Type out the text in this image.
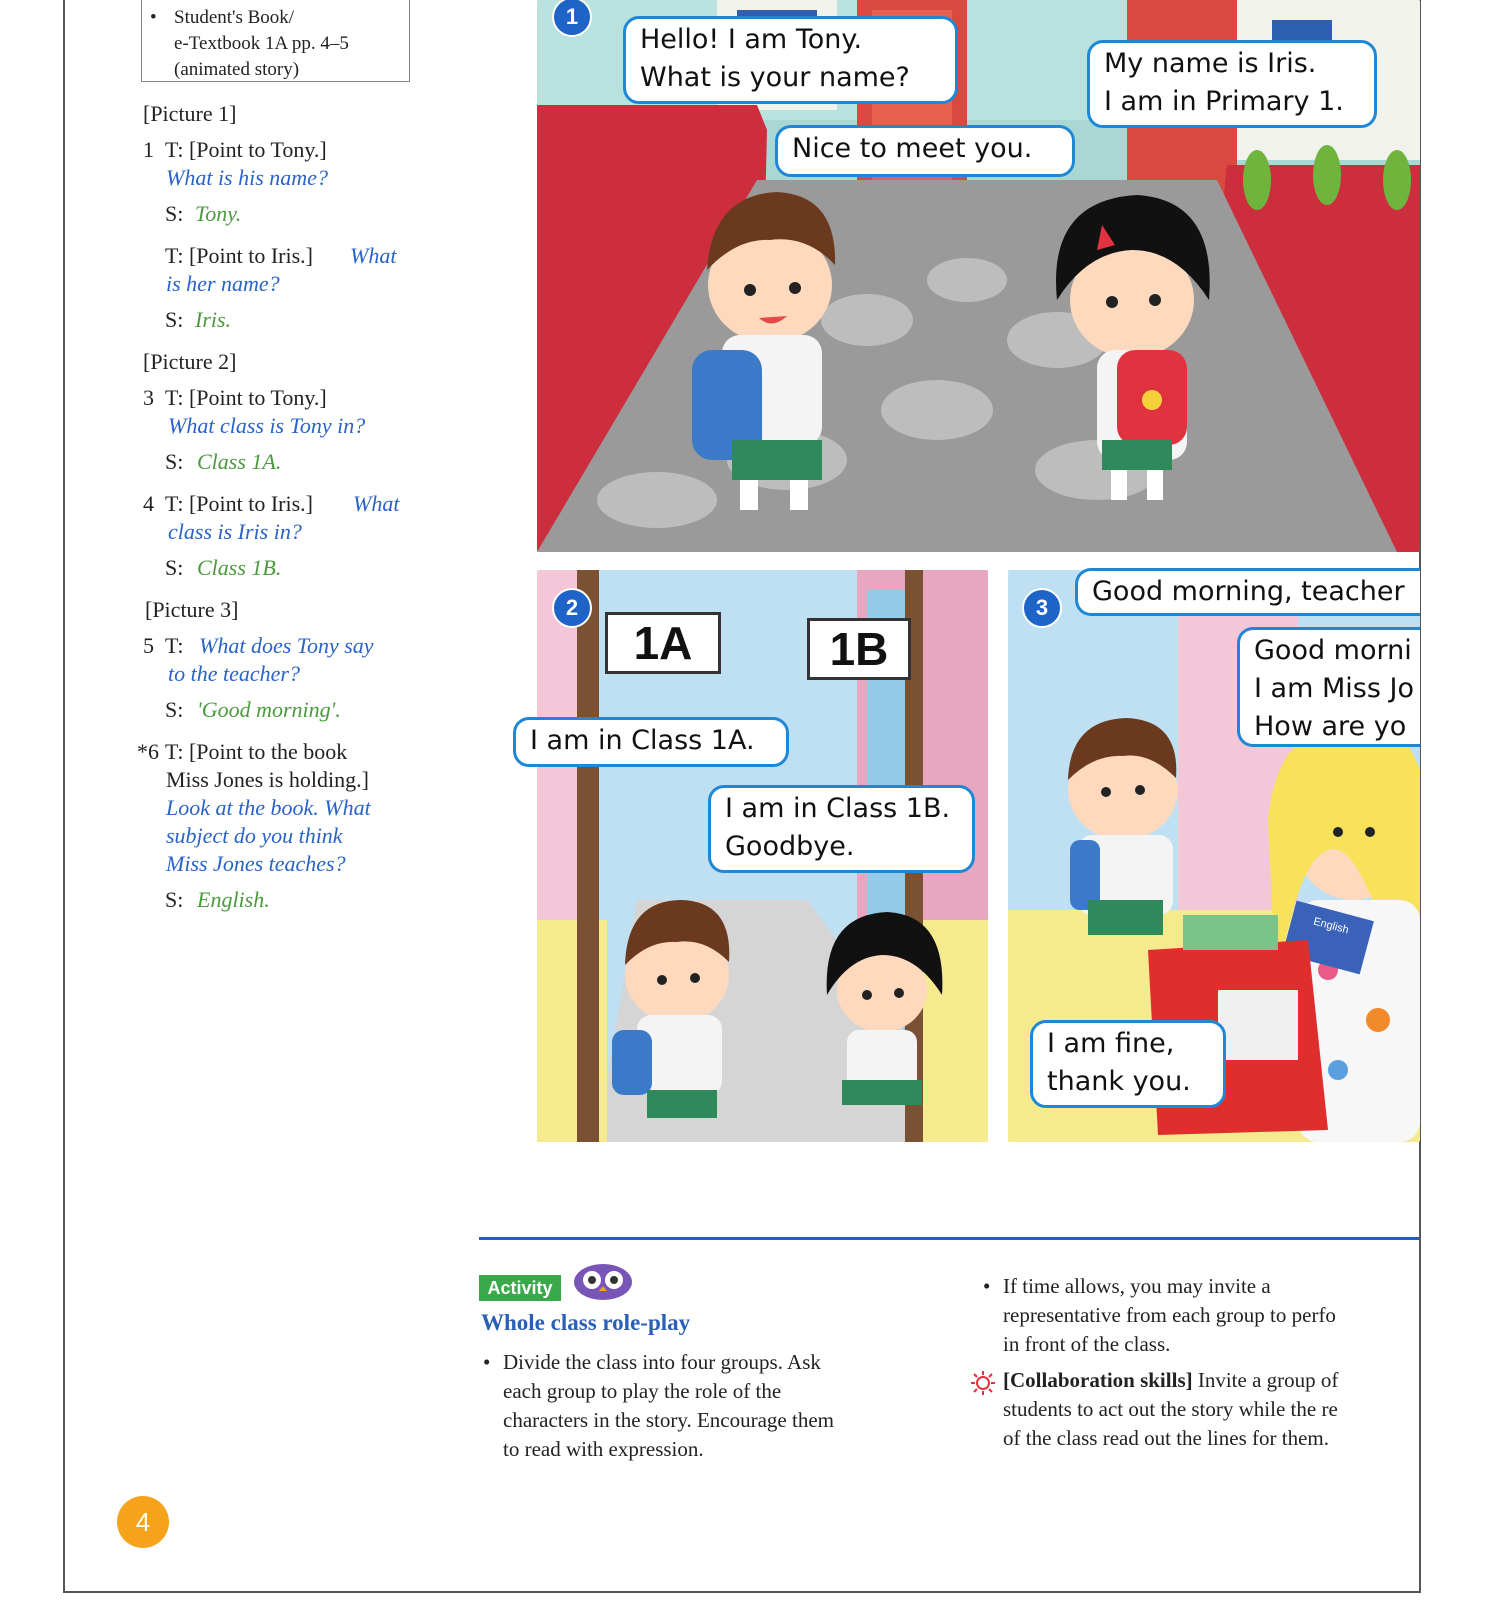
• Student's Book/
e-Textbook 1A pp. 4–5
(animated story)
[Picture 1]
1 T: [Point to Tony.]
What is his name?
S: Tony.
T: [Point to Iris.] What
is her name?
S: Iris.
[Picture 2]
3 T: [Point to Tony.]
What class is Tony in?
S: Class 1A.
4 T: [Point to Iris.] What
class is Iris in?
S: Class 1B.
[Picture 3]
5 T: What does Tony say
to the teacher?
S: 'Good morning'.
*6 T: [Point to the book
Miss Jones is holding.]
Look at the book. What
subject do you think
Miss Jones teaches?
S: English.
1
Hello! I am Tony.
What is your name?
Nice to meet you.
My name is Iris.
I am in Primary 1.
2
1A	1B
I am in Class 1A.
I am in Class 1B.
Goodbye.
3
English
Good morning, teacher
Good morni
I am Miss Jo
How are yo
I am fine,
thank you.
Activity
Whole class role-play
• Divide the class into four groups. Ask
each group to play the role of the
characters in the story. Encourage them
to read with expression.
• If time allows, you may invite a
representative from each group to perfo
in front of the class.
[Collaboration skills] Invite a group of
students to act out the story while the re
of the class read out the lines for them.
4
